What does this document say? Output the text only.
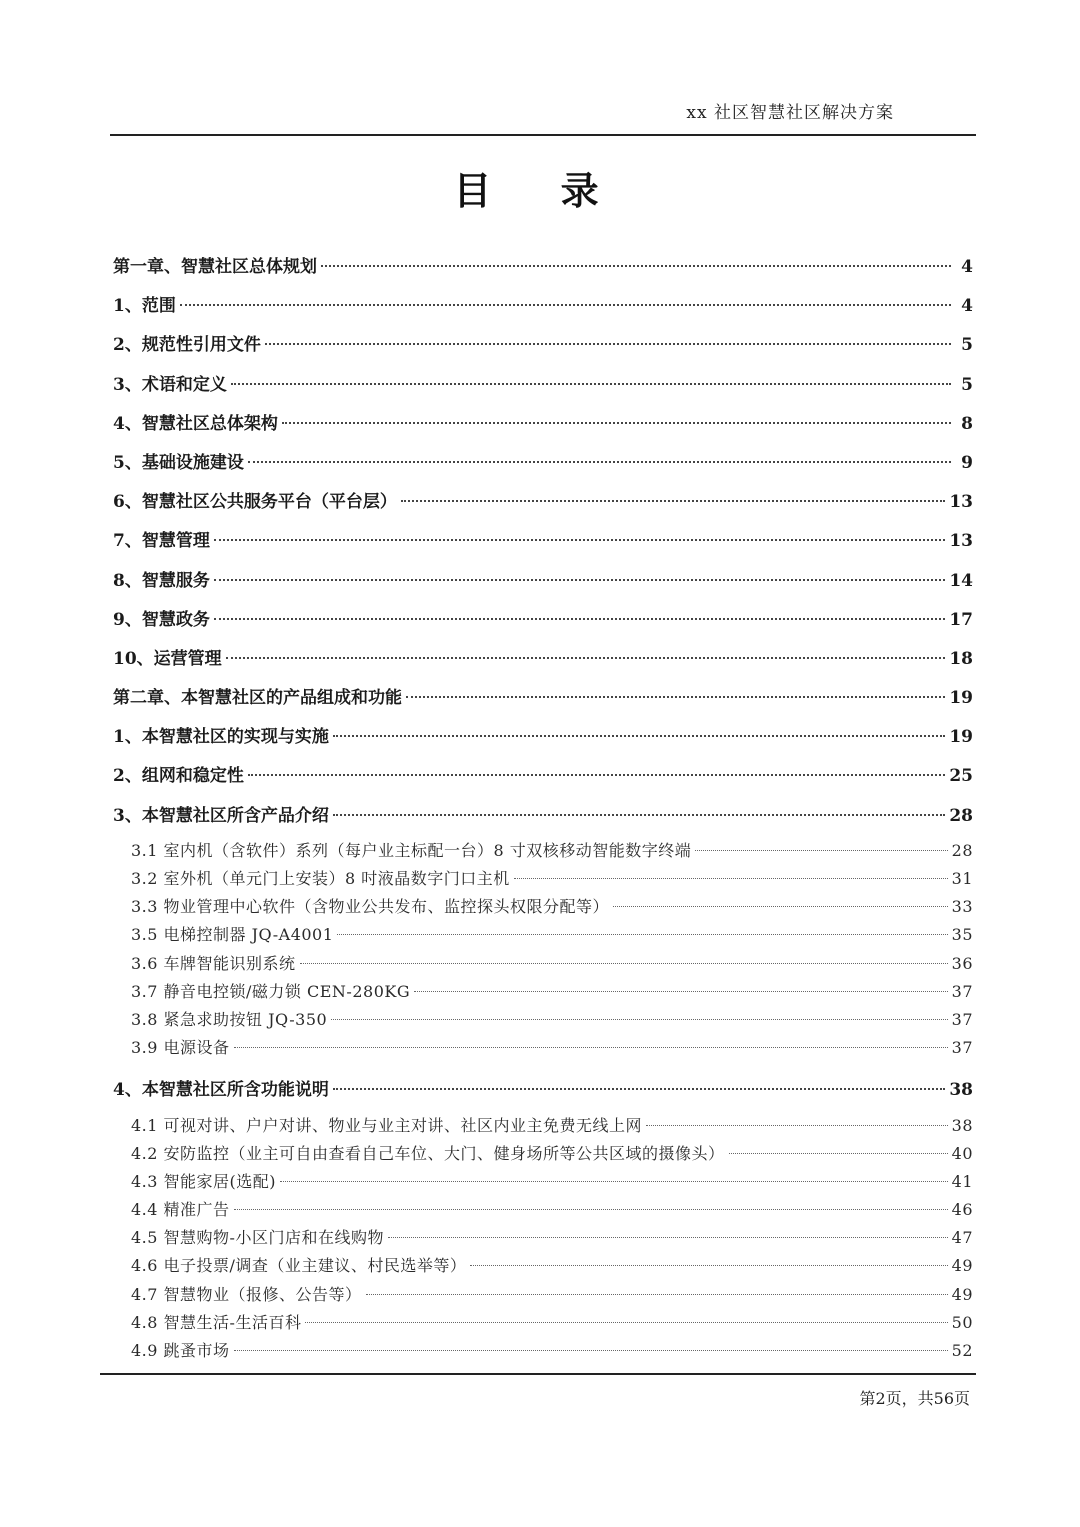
xx 社区智慧社区解决方案
目 录
第一章、智慧社区总体规划	4
1、范围	4
2、规范性引用文件	5
3、术语和定义	5
4、智慧社区总体架构	8
5、基础设施建设	9
6、智慧社区公共服务平台（平台层）	13
7、智慧管理	13
8、智慧服务	14
9、智慧政务	17
10、运营管理	18
第二章、本智慧社区的产品组成和功能	19
1、本智慧社区的实现与实施	19
2、组网和稳定性	25
3、本智慧社区所含产品介绍	28
3.1 室内机（含软件）系列（每户业主标配一台）8 寸双核移动智能数字终端	28
3.2 室外机（单元门上安装）8 吋液晶数字门口主机	31
3.3 物业管理中心软件（含物业公共发布、监控探头权限分配等）	33
3.5 电梯控制器 JQ-A4001	35
3.6 车牌智能识别系统	36
3.7 静音电控锁/磁力锁 CEN-280KG	37
3.8 紧急求助按钮 JQ-350	37
3.9 电源设备	37
4、本智慧社区所含功能说明	38
4.1 可视对讲、户户对讲、物业与业主对讲、社区内业主免费无线上网	38
4.2 安防监控（业主可自由查看自己车位、大门、健身场所等公共区域的摄像头）	40
4.3 智能家居(选配)	41
4.4 精准广告	46
4.5 智慧购物-小区门店和在线购物	47
4.6 电子投票/调查（业主建议、村民选举等）	49
4.7 智慧物业（报修、公告等）	49
4.8 智慧生活-生活百科	50
4.9 跳蚤市场	52
第2页，共56页
